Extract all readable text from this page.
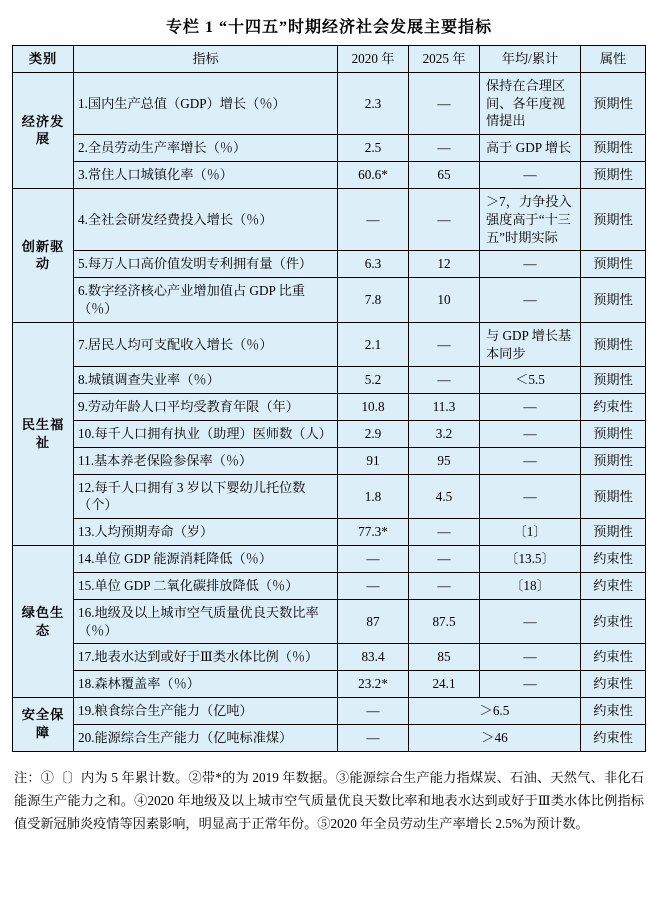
专栏 1 “十四五”时期经济社会发展主要指标
类别	指标	2020 年	2025 年	年均/累计	属性
经济发展	1.国内生产总值（GDP）增长（％）	2.3	—	保持在合理区间、各年度视情提出	预期性
	2.全员劳动生产率增长（％）	2.5	—	高于 GDP 增长	预期性
	3.常住人口城镇化率（％）	60.6*	65	—	预期性
创新驱动	4.全社会研发经费投入增长（％）	—	—	＞7，力争投入强度高于“十三五”时期实际	预期性
	5.每万人口高价值发明专利拥有量（件）	6.3	12	—	预期性
	6.数字经济核心产业增加值占 GDP 比重（％）	7.8	10	—	预期性
民生福祉	7.居民人均可支配收入增长（％）	2.1	—	与 GDP 增长基本同步	预期性
	8.城镇调查失业率（％）	5.2	—	＜5.5	预期性
	9.劳动年龄人口平均受教育年限（年）	10.8	11.3	—	约束性
	10.每千人口拥有执业（助理）医师数（人）	2.9	3.2	—	预期性
	11.基本养老保险参保率（％）	91	95	—	预期性
	12.每千人口拥有 3 岁以下婴幼儿托位数（个）	1.8	4.5	—	预期性
	13.人均预期寿命（岁）	77.3*	—	〔1〕	预期性
绿色生态	14.单位 GDP 能源消耗降低（％）	—	—	〔13.5〕	约束性
	15.单位 GDP 二氧化碳排放降低（％）	—	—	〔18〕	约束性
	16.地级及以上城市空气质量优良天数比率（％）	87	87.5	—	约束性
	17.地表水达到或好于Ⅲ类水体比例（％）	83.4	85	—	约束性
	18.森林覆盖率（％）	23.2*	24.1	—	约束性
安全保障	19.粮食综合生产能力（亿吨）	—	＞6.5		约束性
	20.能源综合生产能力（亿吨标准煤）	—	＞46		约束性

注：①〔〕内为 5 年累计数。②带*的为 2019 年数据。③能源综合生产能力指煤炭、石油、天然气、非化石能源生产能力之和。④2020 年地级及以上城市空气质量优良天数比率和地表水达到或好于Ⅲ类水体比例指标值受新冠肺炎疫情等因素影响，明显高于正常年份。⑤2020 年全员劳动生产率增长 2.5%为预计数。
